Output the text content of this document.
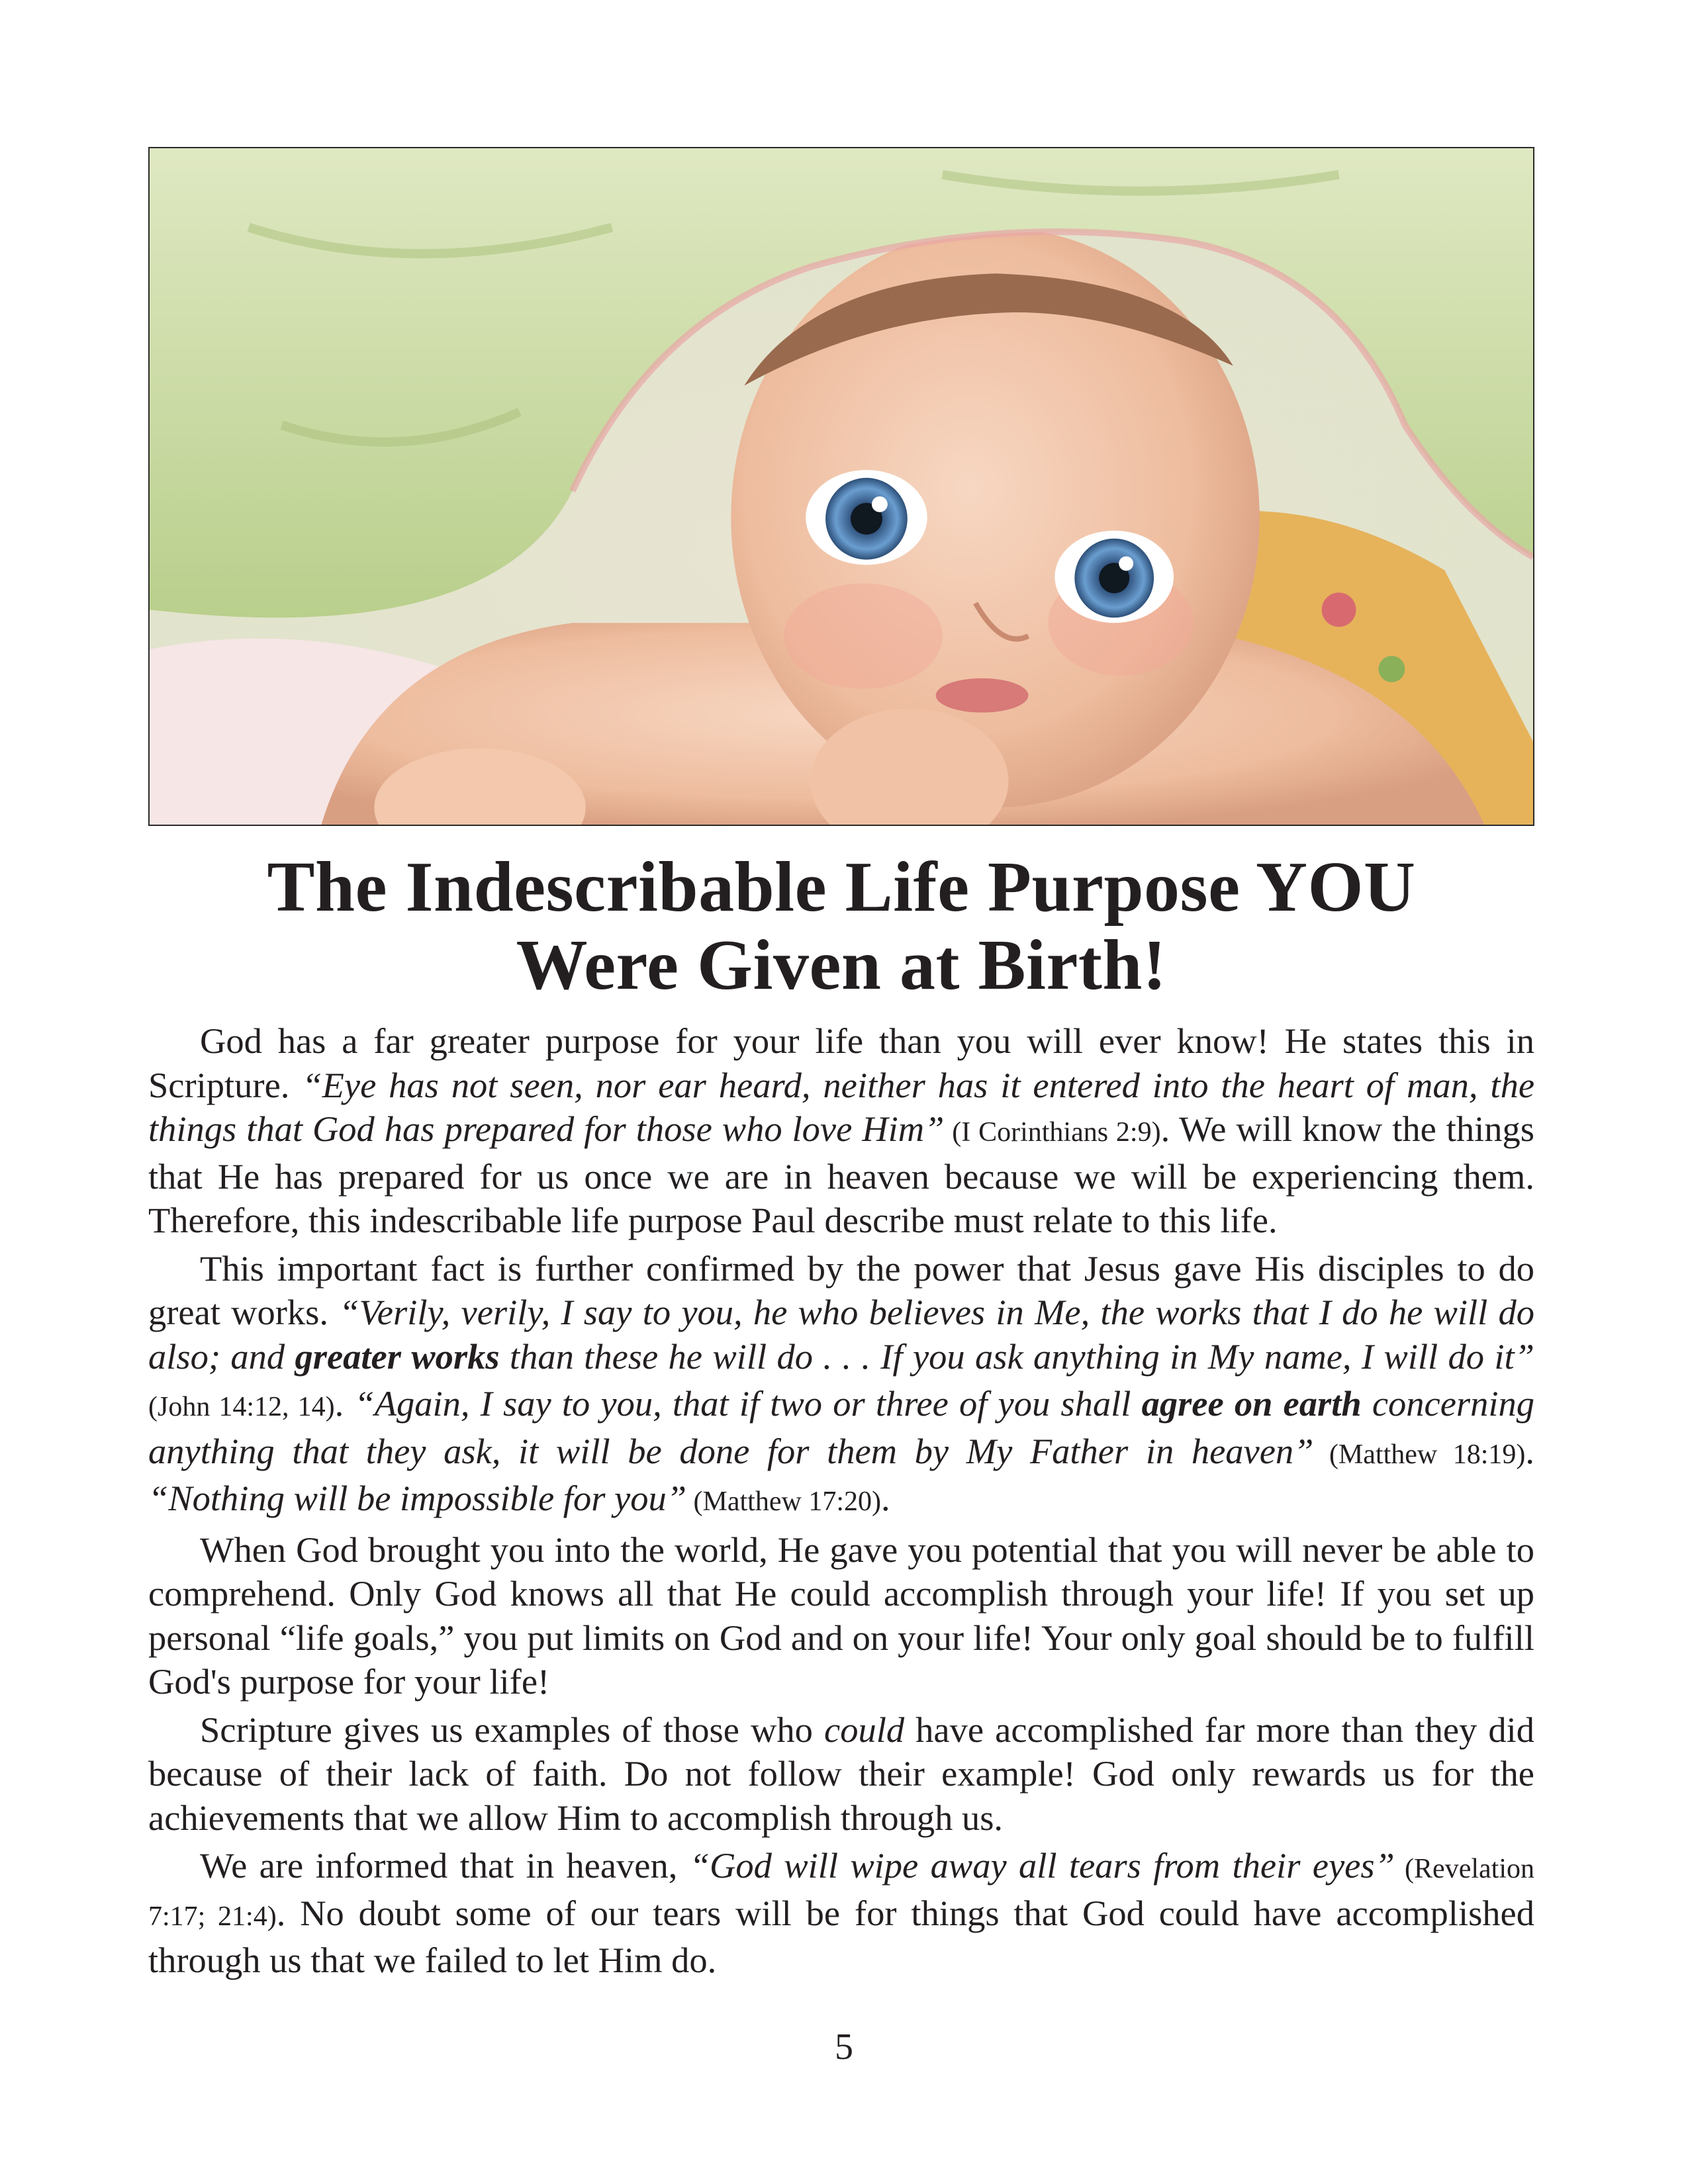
The Indescribable Life Purpose YOU
Were Given at Birth!

God has a far greater purpose for your life than you will ever know! He states this in Scripture. “Eye has not seen, nor ear heard, neither has it entered into the heart of man, the things that God has prepared for those who love Him” (I Corinthians 2:9). We will know the things that He has prepared for us once we are in heaven because we will be experiencing them. Therefore, this indescribable life purpose Paul describe must relate to this life.

This important fact is further confirmed by the power that Jesus gave His disciples to do great works. “Verily, verily, I say to you, he who believes in Me, the works that I do he will do also; and greater works than these he will do . . . If you ask anything in My name, I will do it” (John 14:12, 14). “Again, I say to you, that if two or three of you shall agree on earth concerning anything that they ask, it will be done for them by My Father in heaven” (Matthew 18:19). “Nothing will be impossible for you” (Matthew 17:20).

When God brought you into the world, He gave you potential that you will never be able to comprehend. Only God knows all that He could accomplish through your life! If you set up personal “life goals,” you put limits on God and on your life! Your only goal should be to fulfill God's purpose for your life!

Scripture gives us examples of those who could have accomplished far more than they did because of their lack of faith. Do not follow their example! God only rewards us for the achievements that we allow Him to accomplish through us.

We are informed that in heaven, “God will wipe away all tears from their eyes” (Revelation 7:17; 21:4). No doubt some of our tears will be for things that God could have accomplished through us that we failed to let Him do.

5
